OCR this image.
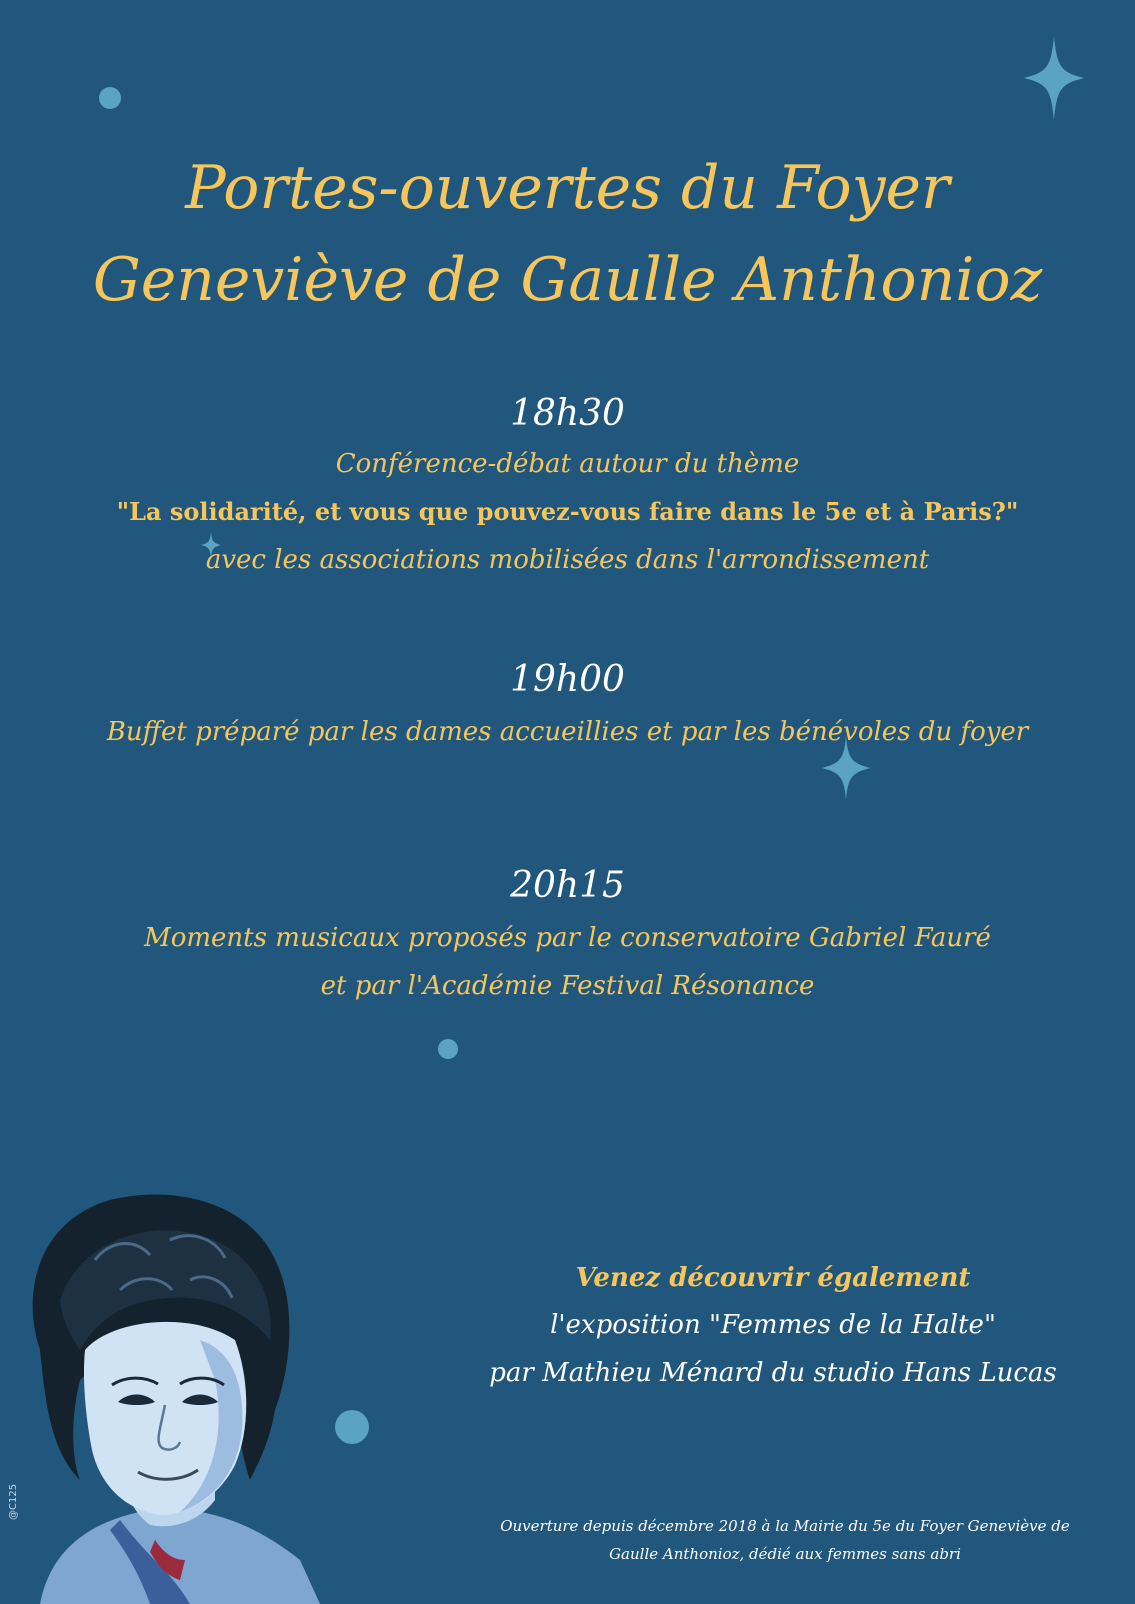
Portes-ouvertes du Foyer
Geneviève de Gaulle Anthonioz
18h30
Conférence-débat autour du thème
"La solidarité, et vous que pouvez-vous faire dans le 5e et à Paris?"
avec les associations mobilisées dans l'arrondissement
19h00
Buffet préparé par les dames accueillies et par les bénévoles du foyer
20h15
Moments musicaux proposés par le conservatoire Gabriel Fauré
et par l'Académie Festival Résonance
Venez découvrir également
l'exposition "Femmes de la Halte"
par Mathieu Ménard du studio Hans Lucas
@C125
Ouverture depuis décembre 2018 à la Mairie du 5e du Foyer Geneviève de
Gaulle Anthonioz, dédié aux femmes sans abri
